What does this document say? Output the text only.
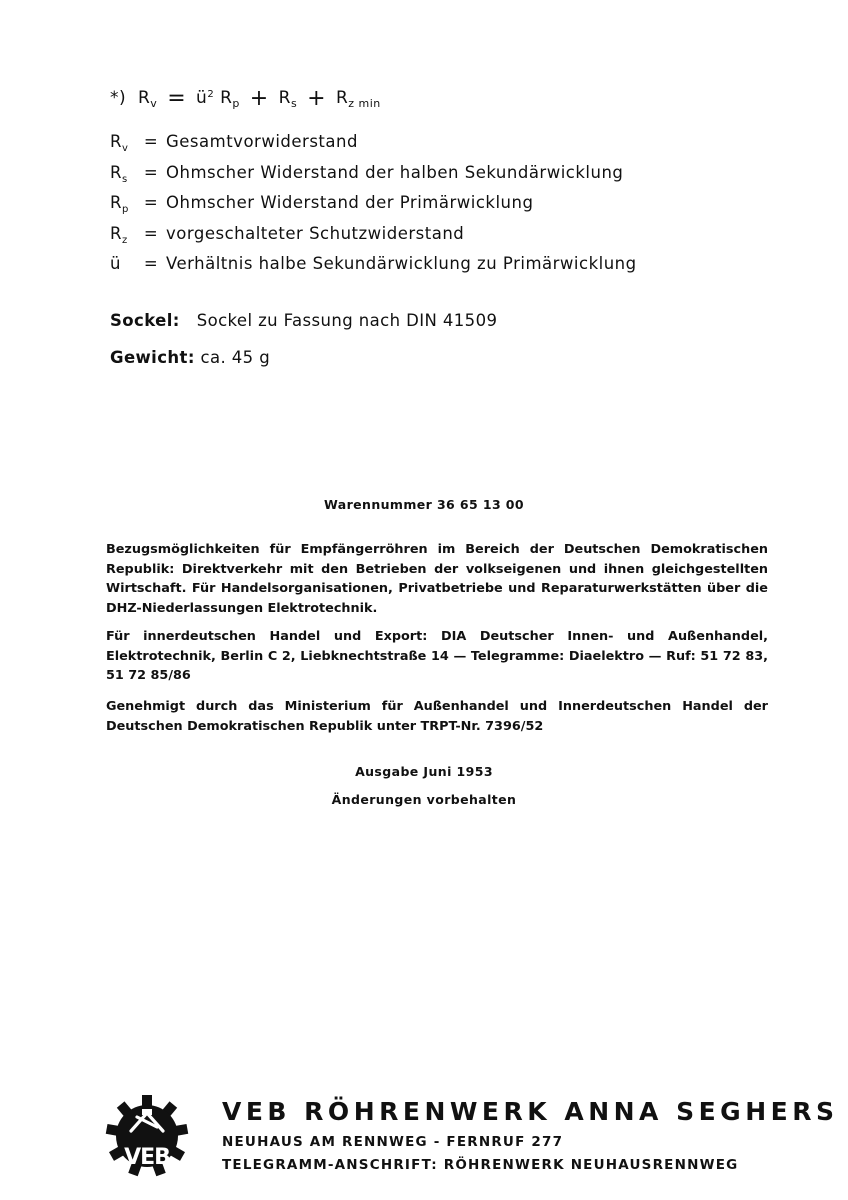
*) $R_v$ = $ü^2$ $R_p + R_s + R_{z min}$
$R_v$ = Gesamtvorwiderstand
$R_s$ = Ohmscher Widerstand der halben Sekundärwicklung
$R_p$ = Ohmscher Widerstand der Primärwicklung
$R_z$ = vorgeschalteter Schutzwiderstand
ü	= Verhältnis halbe Sekundärwicklung zu Primärwicklung
Sockel: Sockel zu Fassung nach DIN 41509
Gewicht: ca. 45 g
Warennummer 36 65 13 00
Bezugsmöglichkeiten für Empfängerröhren im Bereich der Deutschen Demokratischen Republik: Direktverkehr mit den Betrieben der volkseigenen und ihnen gleichgestellten Wirtschaft. Für Handelsorganisationen, Privatbetriebe und Reparaturwerkstätten über die DHZ-Niederlassungen Elektrotechnik.
Für innerdeutschen Handel und Export: DIA Deutscher Innen- und Außenhandel, Elektrotechnik, Berlin C 2, Liebknechtstraße 14 — Telegramme: Diaelektro — Ruf: 51 72 83, 51 72 85/86
Genehmigt durch das Ministerium für Außenhandel und Innerdeutschen Handel der Deutschen Demokratischen Republik unter TRPT-Nr. 7396/52
Ausgabe Juni 1953
Änderungen vorbehalten
VEB
VEB RÖHRENWERK ANNA SEGHERS
NEUHAUS AM RENNWEG - FERNRUF 277
TELEGRAMM-ANSCHRIFT: RÖHRENWERK NEUHAUSRENNWEG
